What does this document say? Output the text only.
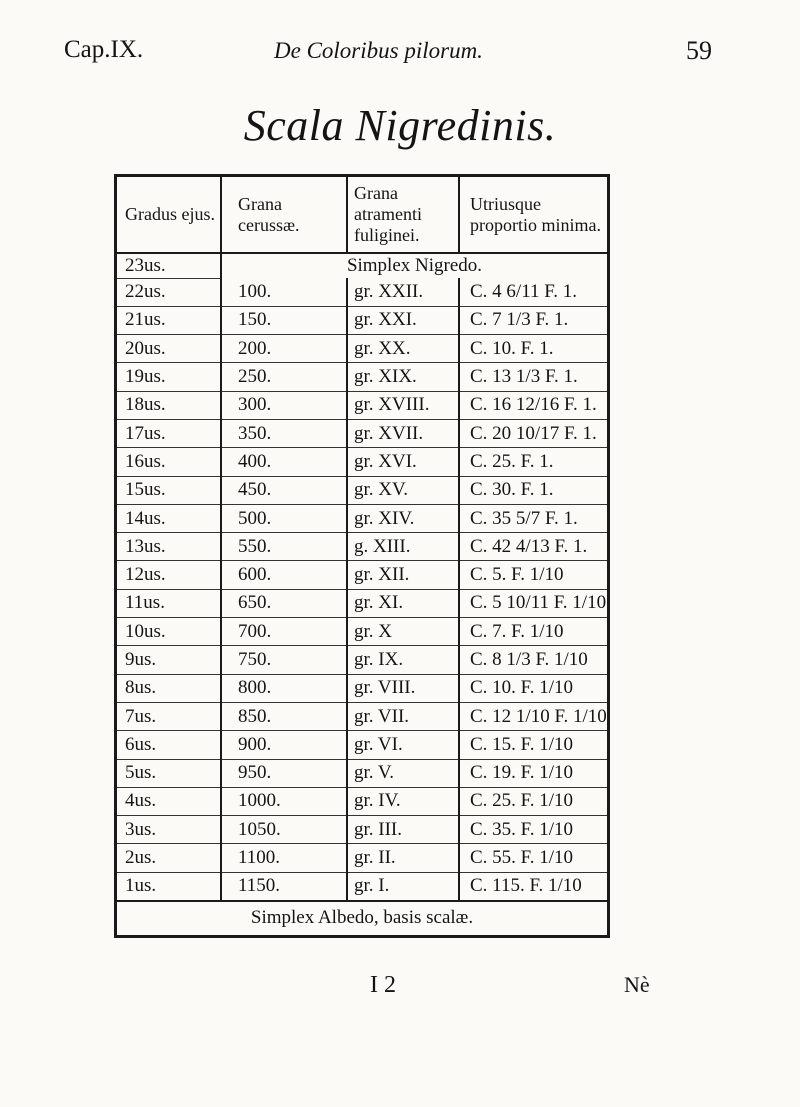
Cap.IX.	De Coloribus pilorum.	59
Scala Nigredinis.
Gradus ejus.	Grana cerussæ.	Grana atramenti fuliginei.	Utriusque proportio minima.
23us.	Simplex Nigredo.		
22us.	100.	gr. XXII.	C. 4 6/11 F. 1.
21us.	150.	gr. XXI.	C. 7 1/3 F. 1.
20us.	200.	gr. XX.	C. 10. F. 1.
19us.	250.	gr. XIX.	C. 13 1/3 F. 1.
18us.	300.	gr. XVIII.	C. 16 12/16 F. 1.
17us.	350.	gr. XVII.	C. 20 10/17 F. 1.
16us.	400.	gr. XVI.	C. 25. F. 1.
15us.	450.	gr. XV.	C. 30. F. 1.
14us.	500.	gr. XIV.	C. 35 5/7 F. 1.
13us.	550.	g. XIII.	C. 42 4/13 F. 1.
12us.	600.	gr. XII.	C. 5. F. 1/10
11us.	650.	gr. XI.	C. 5 10/11 F. 1/10
10us.	700.	gr. X	C. 7. F. 1/10
9us.	750.	gr. IX.	C. 8 1/3 F. 1/10
8us.	800.	gr. VIII.	C. 10. F. 1/10
7us.	850.	gr. VII.	C. 12 1/10 F. 1/10
6us.	900.	gr. VI.	C. 15. F. 1/10
5us.	950.	gr. V.	C. 19. F. 1/10
4us.	1000.	gr. IV.	C. 25. F. 1/10
3us.	1050.	gr. III.	C. 35. F. 1/10
2us.	1100.	gr. II.	C. 55. F. 1/10
1us.	1150.	gr. I.	C. 115. F. 1/10
Simplex Albedo, basis scalæ.			
I 2	Nè
